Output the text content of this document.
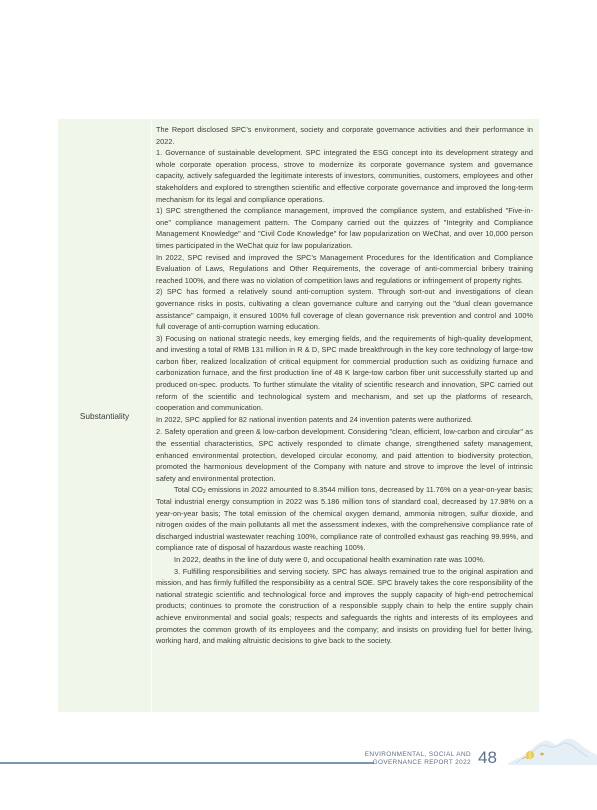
Substantiality

The Report disclosed SPC’s environment, society and corporate governance activities and their performance in 2022.

1. Governance of sustainable development. SPC integrated the ESG concept into its development strategy and whole corporate operation process, strove to modernize its corporate governance system and governance capacity, actively safeguarded the legitimate interests of investors, communities, customers, employees and other stakeholders and explored to strengthen scientific and effective corporate governance and improved the long-term mechanism for its legal and compliance operations.

1) SPC strengthened the compliance management, improved the compliance system, and established "Five-in-one" compliance management pattern. The Company carried out the quizzes of "Integrity and Compliance Management Knowledge" and "Civil Code Knowledge" for law popularization on WeChat, and over 10,000 person times participated in the WeChat quiz for law popularization.

In 2022, SPC revised and improved the SPC’s Management Procedures for the Identification and Compliance Evaluation of Laws, Regulations and Other Requirements, the coverage of anti-commercial bribery training reached 100%, and there was no violation of competition laws and regulations or infringement of property rights.

2) SPC has formed a relatively sound anti-corruption system. Through sort-out and investigations of clean governance risks in posts, cultivating a clean governance culture and carrying out the "dual clean governance assistance" campaign, it ensured 100% full coverage of clean governance risk prevention and control and 100% full coverage of anti-corruption warning education.

3) Focusing on national strategic needs, key emerging fields, and the requirements of high-quality development, and investing a total of RMB 131 million in R & D, SPC made breakthrough in the key core technology of large-tow carbon fiber, realized localization of critical equipment for commercial production such as oxidizing furnace and carbonization furnace, and the first production line of 48 K large-tow carbon fiber unit successfully started up and produced on-spec. products. To further stimulate the vitality of scientific research and innovation, SPC carried out reform of the scientific and technological system and mechanism, and set up the platforms of research, cooperation and communication.

In 2022, SPC applied for 82 national invention patents and 24 invention patents were authorized.

2. Safety operation and green & low-carbon development. Considering "clean, efficient, low-carbon and circular" as the essential characteristics, SPC actively responded to climate change, strengthened safety management, enhanced environmental protection, developed circular economy, and paid attention to biodiversity protection, promoted the harmonious development of the Company with nature and strove to improve the level of intrinsic safety and environmental protection.

Total $CO_2$ emissions in 2022 amounted to 8.3544 million tons, decreased by 11.76% on a year-on-year basis; Total industrial energy consumption in 2022 was 5.186 million tons of standard coal, decreased by 17.98% on a year-on-year basis; The total emission of the chemical oxygen demand, ammonia nitrogen, sulfur dioxide, and nitrogen oxides of the main pollutants all met the assessment indexes, with the comprehensive compliance rate of discharged industrial wastewater reaching 100%, compliance rate of controlled exhaust gas reaching 99.99%, and compliance rate of disposal of hazardous waste reaching 100%.

In 2022, deaths in the line of duty were 0, and occupational health examination rate was 100%.

3. Fulfilling responsibilities and serving society. SPC has always remained true to the original aspiration and mission, and has firmly fulfilled the responsibility as a central SOE. SPC bravely takes the core responsibility of the national strategic scientific and technological force and improves the supply capacity of high-end petrochemical products; continues to promote the construction of a responsible supply chain to help the entire supply chain achieve environmental and social goals; respects and safeguards the rights and interests of its employees and promotes the common growth of its employees and the company; and insists on providing fuel for better living, working hard, and making altruistic decisions to give back to the society.

ENVIRONMENTAL, SOCIAL AND
GOVERNANCE REPORT 2022 48
